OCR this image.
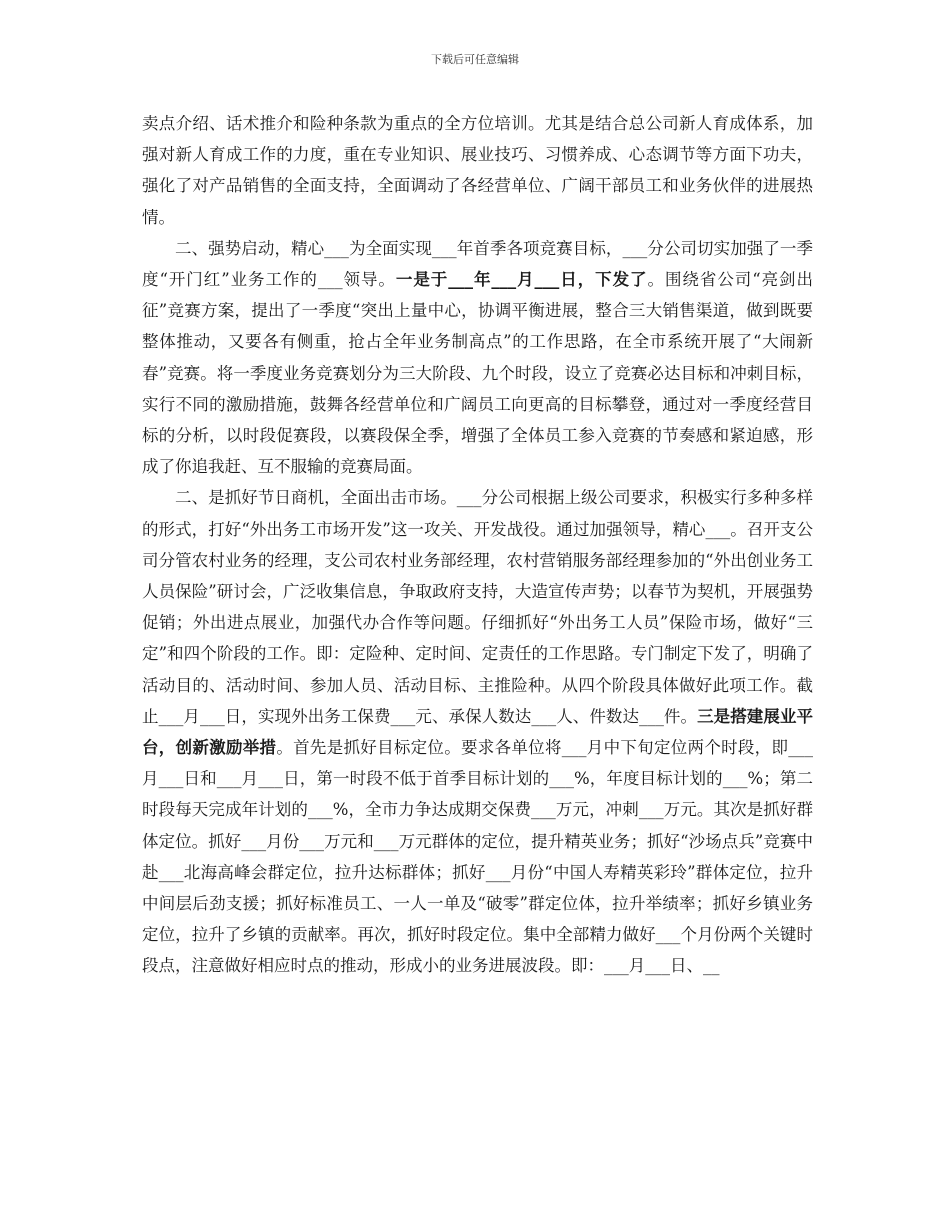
下载后可任意编辑

卖点介绍、话术推介和险种条款为重点的全方位培训。尤其是结合总公司新人育成体系，加强对新人育成工作的力度，重在专业知识、展业技巧、习惯养成、心态调节等方面下功夫，强化了对产品销售的全面支持，全面调动了各经营单位、广阔干部员工和业务伙伴的进展热情。

二、强势启动，精心___为全面实现___年首季各项竞赛目标，___分公司切实加强了一季度“开门红”业务工作的___领导。一是于___年___月___日，下发了。围绕省公司“亮剑出征”竞赛方案，提出了一季度“突出上量中心，协调平衡进展，整合三大销售渠道，做到既要整体推动，又要各有侧重，抢占全年业务制高点”的工作思路，在全市系统开展了“大闹新春”竞赛。将一季度业务竞赛划分为三大阶段、九个时段，设立了竞赛必达目标和冲刺目标，实行不同的激励措施，鼓舞各经营单位和广阔员工向更高的目标攀登，通过对一季度经营目标的分析，以时段促赛段，以赛段保全季，增强了全体员工参入竞赛的节奏感和紧迫感，形成了你追我赶、互不服输的竞赛局面。

二、是抓好节日商机，全面出击市场。___分公司根据上级公司要求，积极实行多种多样的形式，打好“外出务工市场开发”这一攻关、开发战役。通过加强领导，精心___。召开支公司分管农村业务的经理，支公司农村业务部经理，农村营销服务部经理参加的“外出创业务工人员保险”研讨会，广泛收集信息，争取政府支持，大造宣传声势；以春节为契机，开展强势促销；外出进点展业，加强代办合作等问题。仔细抓好“外出务工人员”保险市场，做好“三定”和四个阶段的工作。即：定险种、定时间、定责任的工作思路。专门制定下发了，明确了活动目的、活动时间、参加人员、活动目标、主推险种。从四个阶段具体做好此项工作。截止___月___日，实现外出务工保费___元、承保人数达___人、件数达___件。三是搭建展业平台，创新激励举措。首先是抓好目标定位。要求各单位将___月中下旬定位两个时段，即___月___日和___月___日，第一时段不低于首季目标计划的___%，年度目标计划的___%；第二时段每天完成年计划的___%，全市力争达成期交保费___万元，冲刺___万元。其次是抓好群体定位。抓好___月份___万元和___万元群体的定位，提升精英业务；抓好“沙场点兵”竞赛中赴___北海高峰会群定位，拉升达标群体；抓好___月份“中国人寿精英彩玲”群体定位，拉升中间层后劲支援；抓好标准员工、一人一单及“破零”群定位体，拉升举绩率；抓好乡镇业务定位，拉升了乡镇的贡献率。再次，抓好时段定位。集中全部精力做好___个月份两个关键时段点，注意做好相应时点的推动，形成小的业务进展波段。即：___月___日、__
